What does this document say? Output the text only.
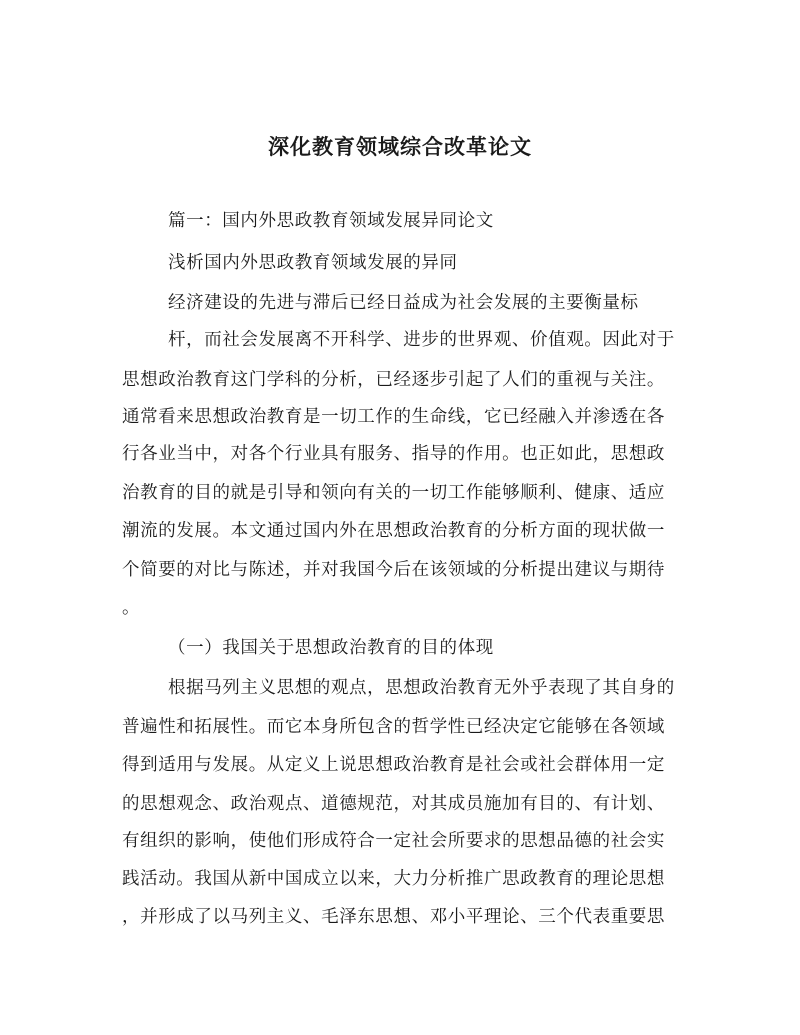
深化教育领域综合改革论文
篇一：国内外思政教育领域发展异同论文
浅析国内外思政教育领域发展的异同
经济建设的先进与滞后已经日益成为社会发展的主要衡量标
杆，而社会发展离不开科学、进步的世界观、价值观。因此对于
思想政治教育这门学科的分析，已经逐步引起了人们的重视与关注。
通常看来思想政治教育是一切工作的生命线，它已经融入并渗透在各
行各业当中，对各个行业具有服务、指导的作用。也正如此，思想政
治教育的目的就是引导和领向有关的一切工作能够顺利、健康、适应
潮流的发展。本文通过国内外在思想政治教育的分析方面的现状做一
个简要的对比与陈述，并对我国今后在该领域的分析提出建议与期待
。
（一）我国关于思想政治教育的目的体现
根据马列主义思想的观点，思想政治教育无外乎表现了其自身的
普遍性和拓展性。而它本身所包含的哲学性已经决定它能够在各领域
得到适用与发展。从定义上说思想政治教育是社会或社会群体用一定
的思想观念、政治观点、道德规范，对其成员施加有目的、有计划、
有组织的影响，使他们形成符合一定社会所要求的思想品德的社会实
践活动。我国从新中国成立以来，大力分析推广思政教育的理论思想
，并形成了以马列主义、毛泽东思想、邓小平理论、三个代表重要思
